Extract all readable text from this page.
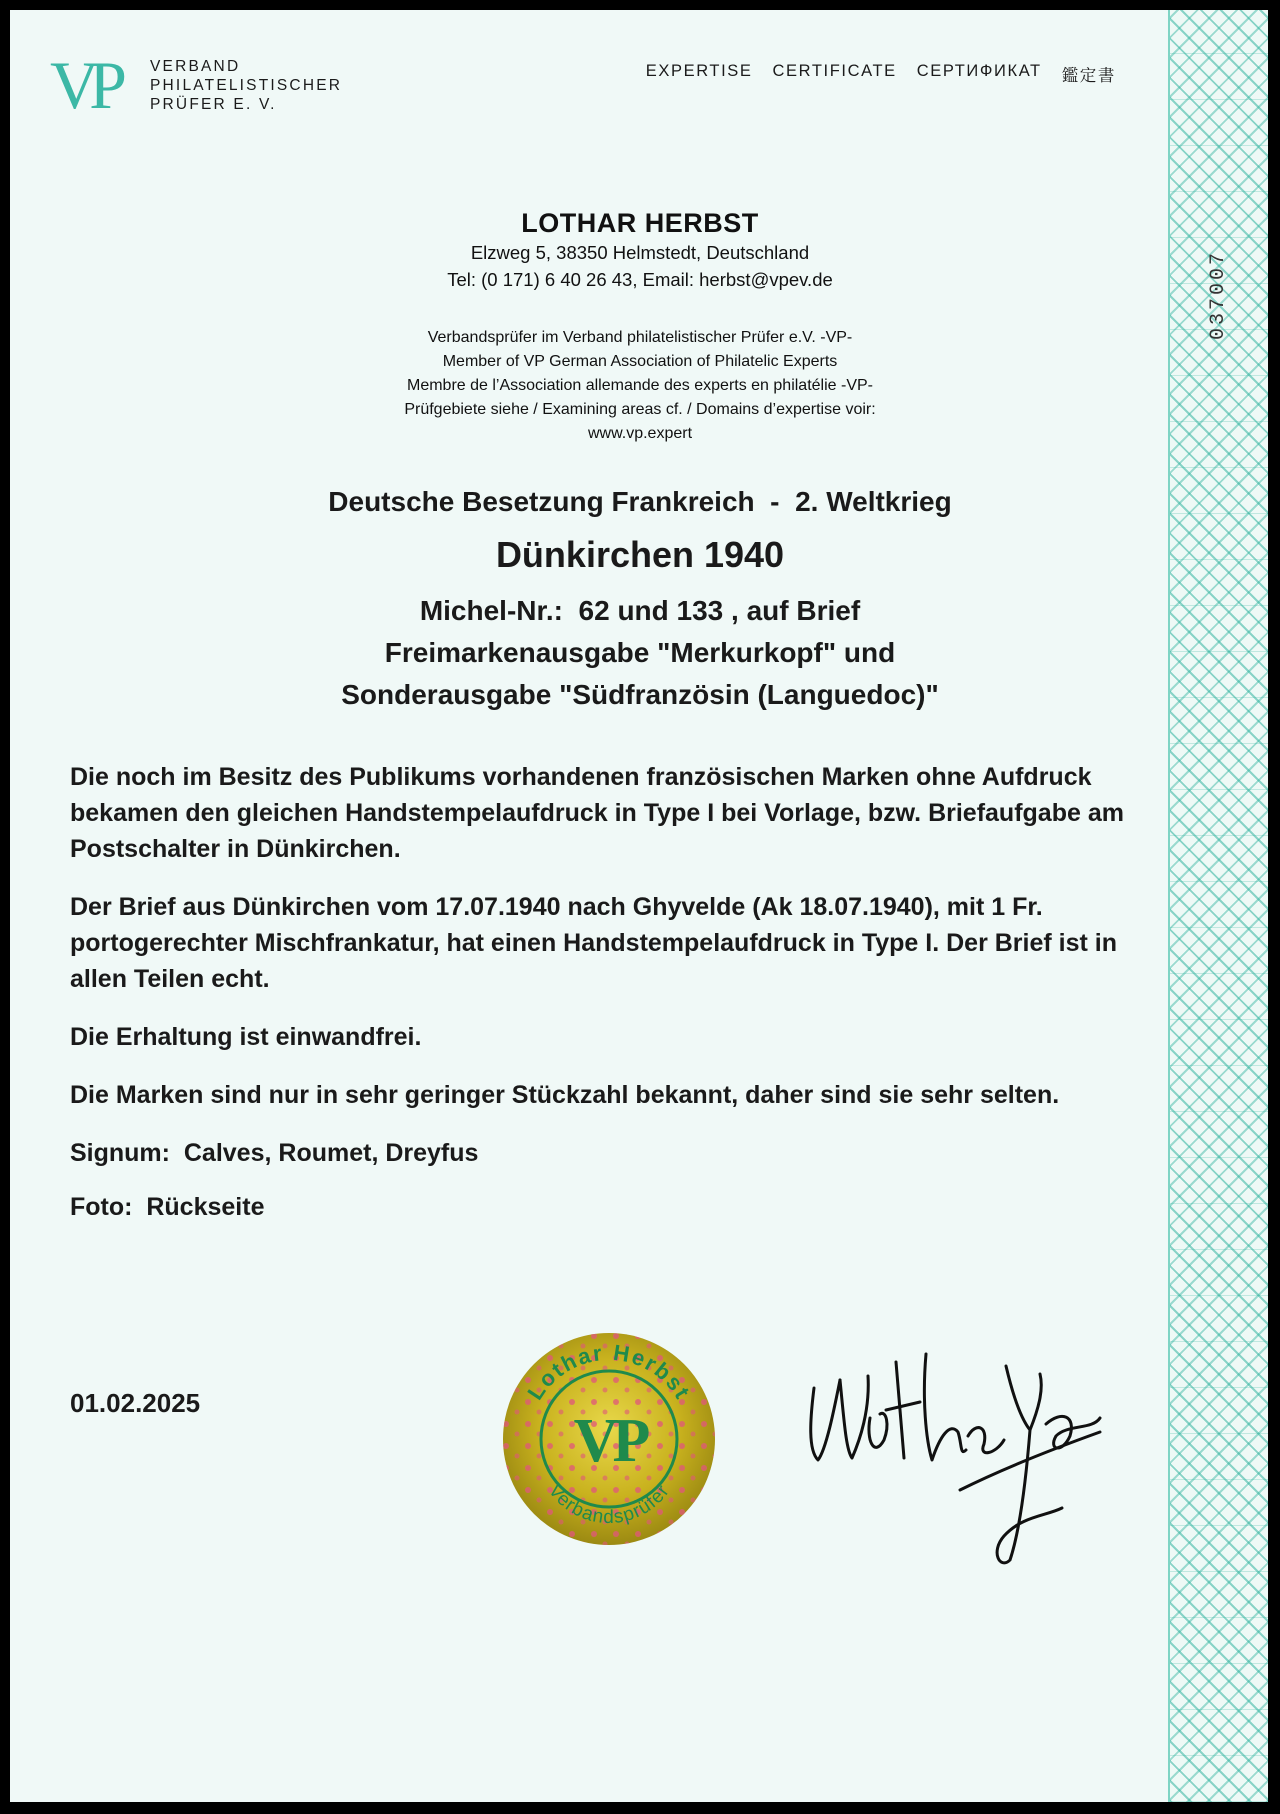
037007
VP	VERBAND
PHILATELISTISCHER
PRÜFER E. V.
EXPERTISE CERTIFICATE СЕРТИФИКАТ 鑑定書
LOTHAR HERBST
Elzweg 5, 38350 Helmstedt, Deutschland
Tel: (0 171) 6 40 26 43, Email: herbst@vpev.de
Verbandsprüfer im Verband philatelistischer Prüfer e.V. -VP-
Member of VP German Association of Philatelic Experts
Membre de l’Association allemande des experts en philatélie -VP-
Prüfgebiete siehe / Examining areas cf. / Domains d’expertise voir:
www.vp.expert
Deutsche Besetzung Frankreich  -  2. Weltkrieg
Dünkirchen 1940
Michel-Nr.:  62 und 133 , auf Brief
Freimarkenausgabe "Merkurkopf" und
Sonderausgabe "Südfranzösin (Languedoc)"

Die noch im Besitz des Publikums vorhandenen französischen Marken ohne Aufdruck bekamen den gleichen Handstempelaufdruck in Type I bei Vorlage, bzw. Briefaufgabe am Postschalter in Dünkirchen.

Der Brief aus Dünkirchen vom 17.07.1940 nach Ghyvelde (Ak 18.07.1940), mit 1 Fr. portogerechter Mischfrankatur, hat einen Handstempelaufdruck in Type I. Der Brief ist in allen Teilen echt.

Die Erhaltung ist einwandfrei.

Die Marken sind nur in sehr geringer Stückzahl bekannt, daher sind sie sehr selten.

Signum:  Calves, Roumet, Dreyfus

Foto:  Rückseite

01.02.2025	Lothar Herbst
Verbandsprüfer
VP
